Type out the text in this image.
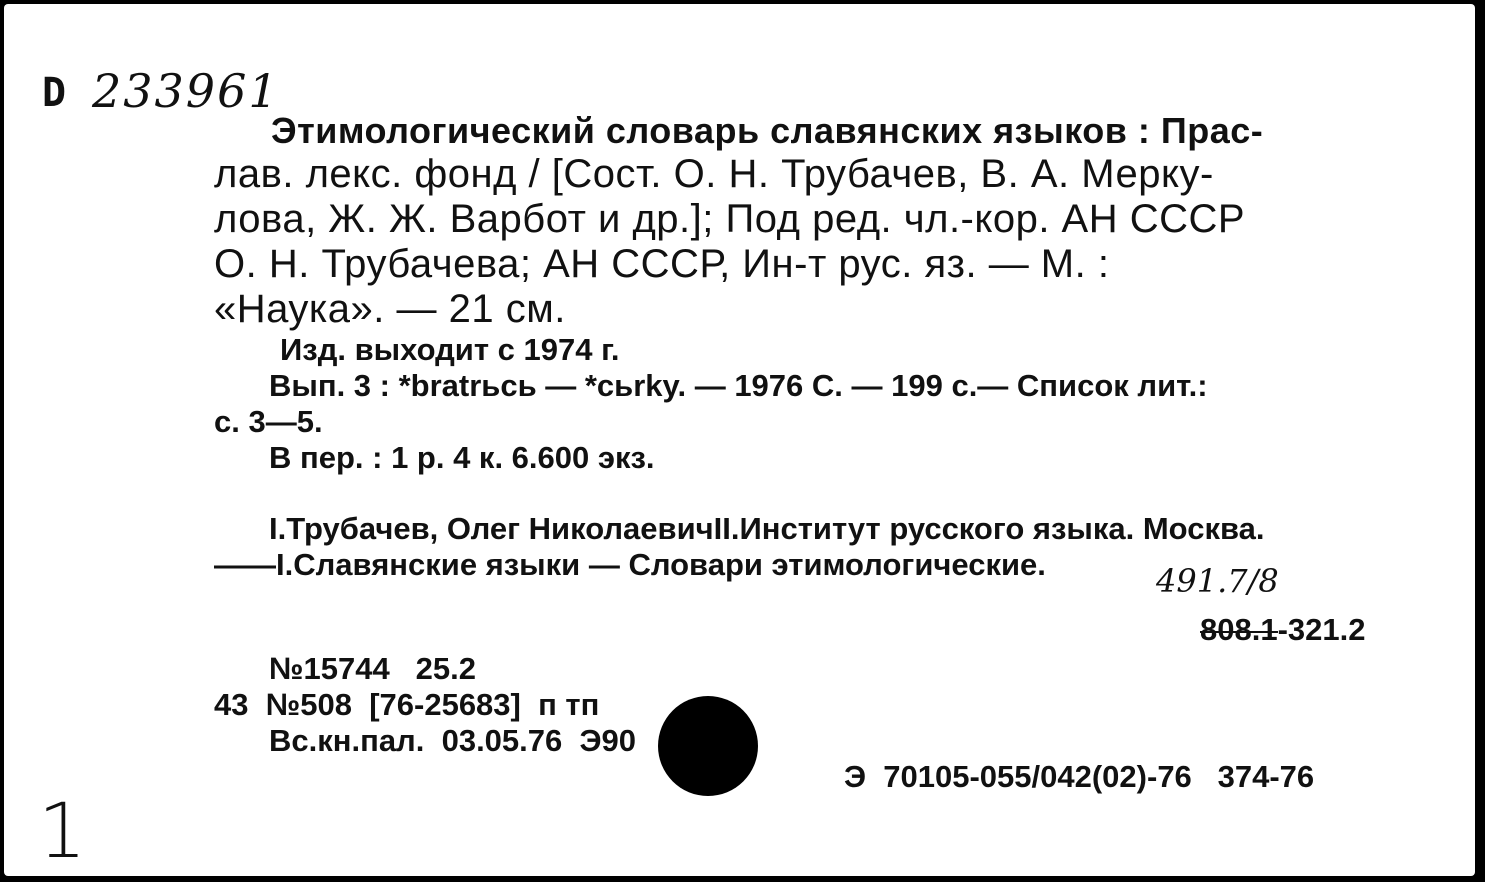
D 233961
Этимологический словарь славянских языков : Прас-
лав. лекс. фонд / [Сост. О. Н. Трубачев, В. А. Мерку-
лова, Ж. Ж. Варбот и др.]; Под ред. чл.-кор. АН СССР
О. Н. Трубачева; АН СССР, Ин-т рус. яз. — М. :
«Наука». — 21 см.
Изд. выходит с 1974 г.
Вып. 3 : *bratrьсь — *сьrky. — 1976 С. — 199 с.— Список лит.:
с. 3—5.
В пер. : 1 р. 4 к. 6.600 экз.
I.Трубачев, Олег НиколаевичII.Институт русского языка. Москва.
——I.Славянские языки — Словари этимологические.	491.7/8
808.1-321.2
№15744   25.2
43  №508  [76-25683]  п тп
Вс.кн.пал.  03.05.76  Э90
Э  70105-055/042(02)-76   374-76
1
